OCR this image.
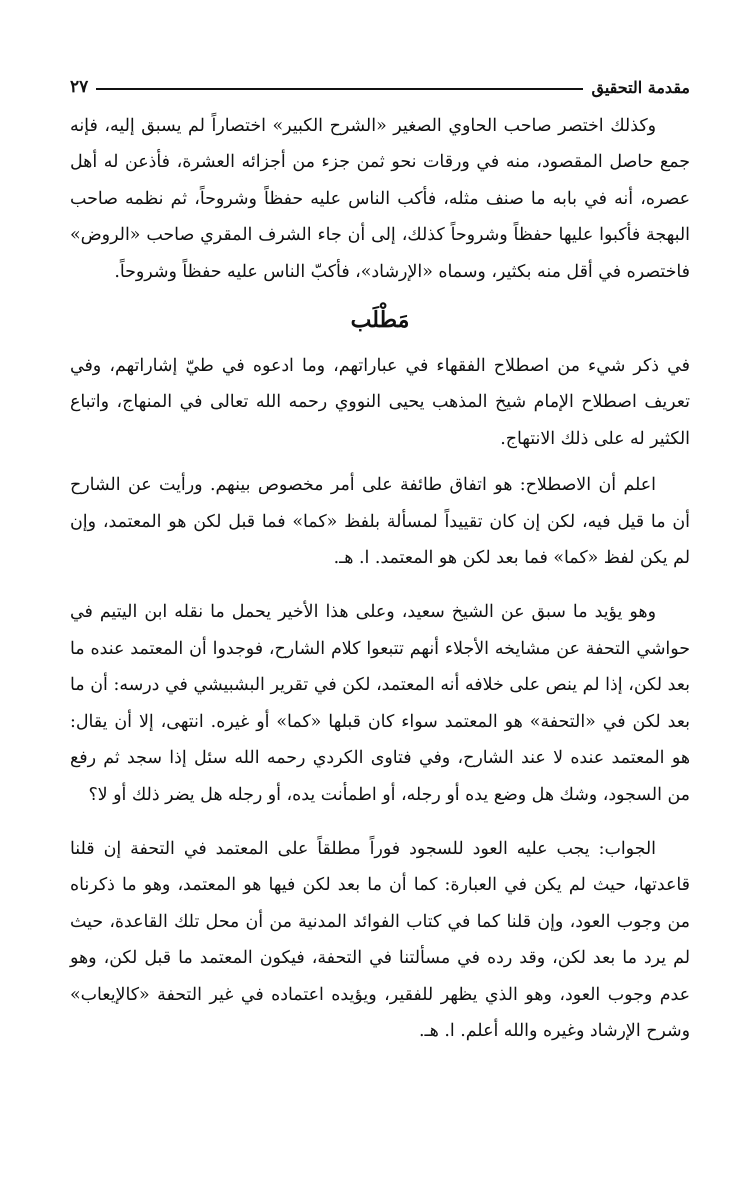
مقدمة التحقيق
٢٧

وكذلك اختصر صاحب الحاوي الصغير «الشرح الكبير» اختصاراً لم يسبق إليه، فإنه جمع حاصل المقصود، منه في ورقات نحو ثمن جزء من أجزائه العشرة، فأذعن له أهل عصره، أنه في بابه ما صنف مثله، فأكب الناس عليه حفظاً وشروحاً، ثم نظمه صاحب البهجة فأكبوا عليها حفظاً وشروحاً كذلك، إلى أن جاء الشرف المقري صاحب «الروض» فاختصره في أقل منه بكثير، وسماه «الإرشاد»، فأكبّ الناس عليه حفظاً وشروحاً.

مَطْلَب

في ذكر شيء من اصطلاح الفقهاء في عباراتهم، وما ادعوه في طيّ إشاراتهم، وفي تعريف اصطلاح الإمام شيخ المذهب يحيى النووي رحمه الله تعالى في المنهاج، واتباع الكثير له على ذلك الانتهاج.

اعلم أن الاصطلاح: هو اتفاق طائفة على أمر مخصوص بينهم. ورأيت عن الشارح أن ما قيل فيه، لكن إن كان تقييداً لمسألة بلفظ «كما» فما قبل لكن هو المعتمد، وإن لم يكن لفظ «كما» فما بعد لكن هو المعتمد. ا. هـ.

وهو يؤيد ما سبق عن الشيخ سعيد، وعلى هذا الأخير يحمل ما نقله ابن اليتيم في حواشي التحفة عن مشايخه الأجلاء أنهم تتبعوا كلام الشارح، فوجدوا أن المعتمد عنده ما بعد لكن، إذا لم ينص على خلافه أنه المعتمد، لكن في تقرير البشبيشي في درسه: أن ما بعد لكن في «التحفة» هو المعتمد سواء كان قبلها «كما» أو غيره. انتهى، إلا أن يقال: هو المعتمد عنده لا عند الشارح، وفي فتاوى الكردي رحمه الله سئل إذا سجد ثم رفع من السجود، وشك هل وضع يده أو رجله، أو اطمأنت يده، أو رجله هل يضر ذلك أو لا؟

الجواب: يجب عليه العود للسجود فوراً مطلقاً على المعتمد في التحفة إن قلنا قاعدتها، حيث لم يكن في العبارة: كما أن ما بعد لكن فيها هو المعتمد، وهو ما ذكرناه من وجوب العود، وإن قلنا كما في كتاب الفوائد المدنية من أن محل تلك القاعدة، حيث لم يرد ما بعد لكن، وقد رده في مسألتنا في التحفة، فيكون المعتمد ما قبل لكن، وهو عدم وجوب العود، وهو الذي يظهر للفقير، ويؤيده اعتماده في غير التحفة «كالإيعاب» وشرح الإرشاد وغيره والله أعلم. ا. هـ.
